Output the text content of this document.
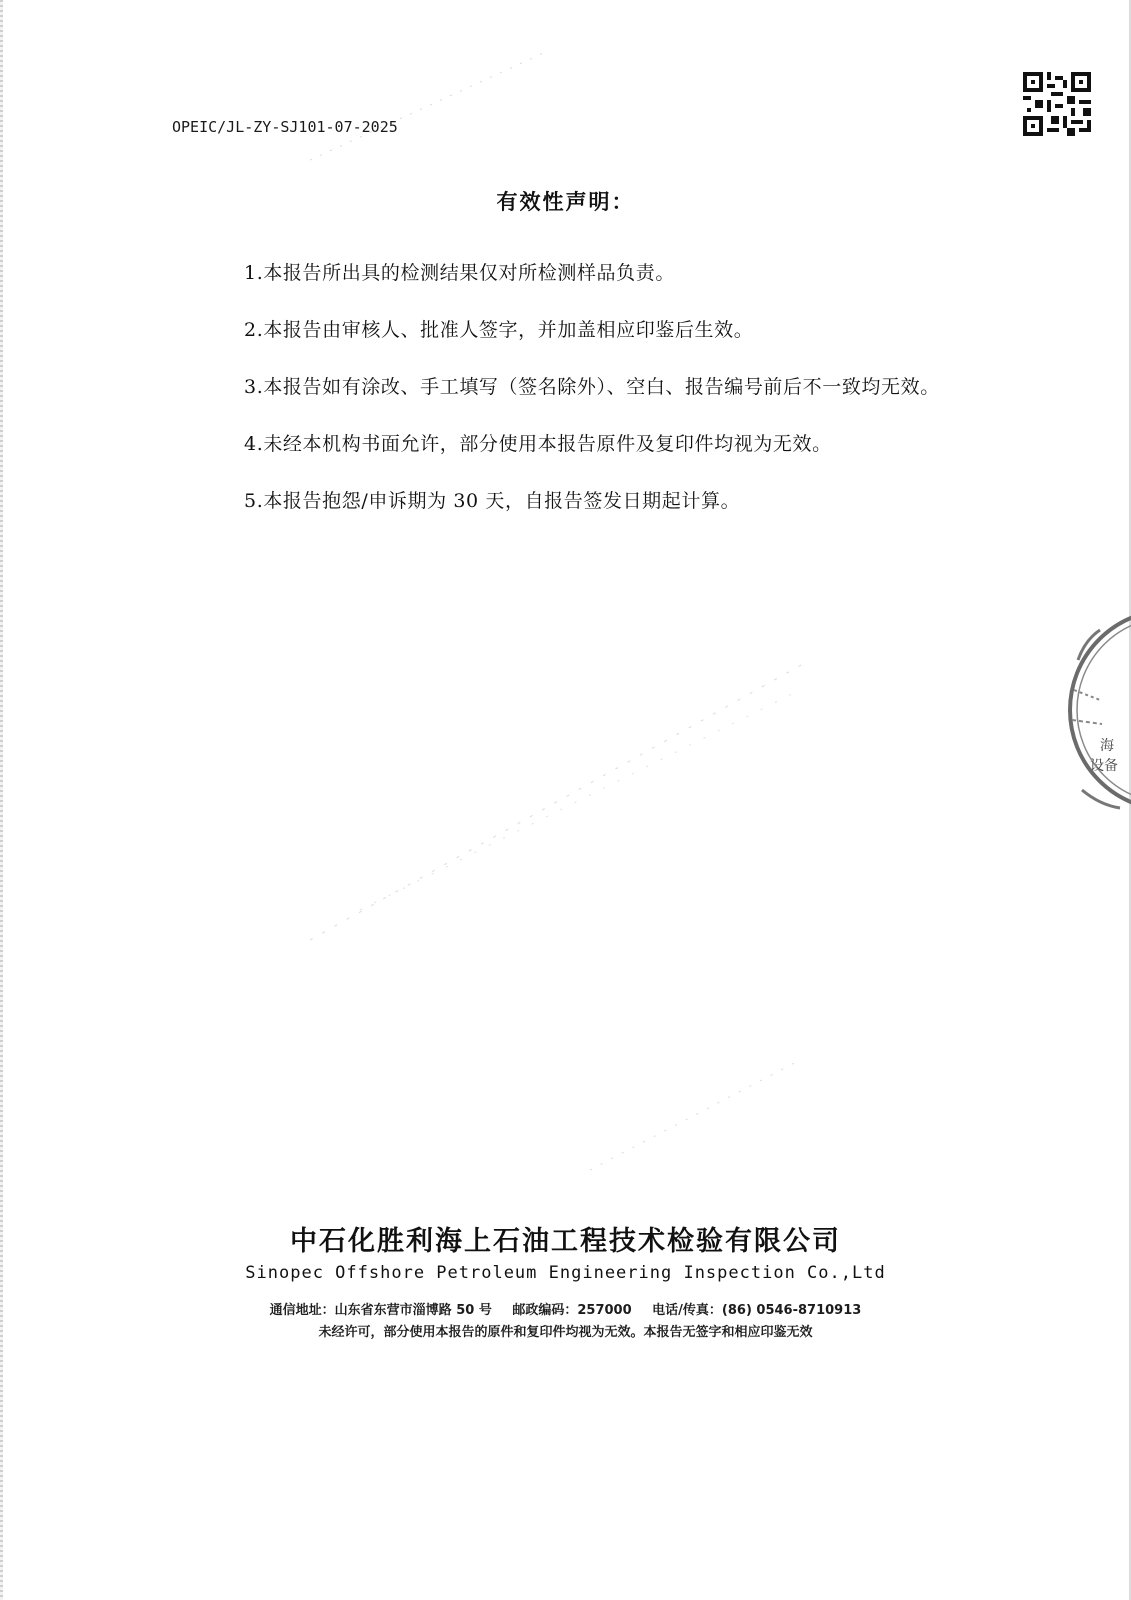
OPEIC/JL-ZY-SJ101-07-2025
有效性声明：
1.本报告所出具的检测结果仅对所检测样品负责。
2.本报告由审核人、批准人签字，并加盖相应印鉴后生效。
3.本报告如有涂改、手工填写（签名除外）、空白、报告编号前后不一致均无效。
4.未经本机构书面允许，部分使用本报告原件及复印件均视为无效。
5.本报告抱怨/申诉期为 30 天，自报告签发日期起计算。
海
设备
中石化胜利海上石油工程技术检验有限公司
Sinopec Offshore Petroleum Engineering Inspection Co.,Ltd
通信地址：山东省东营市淄博路 50 号 邮政编码：257000 电话/传真：(86) 0546-8710913
未经许可，部分使用本报告的原件和复印件均视为无效。本报告无签字和相应印鉴无效
